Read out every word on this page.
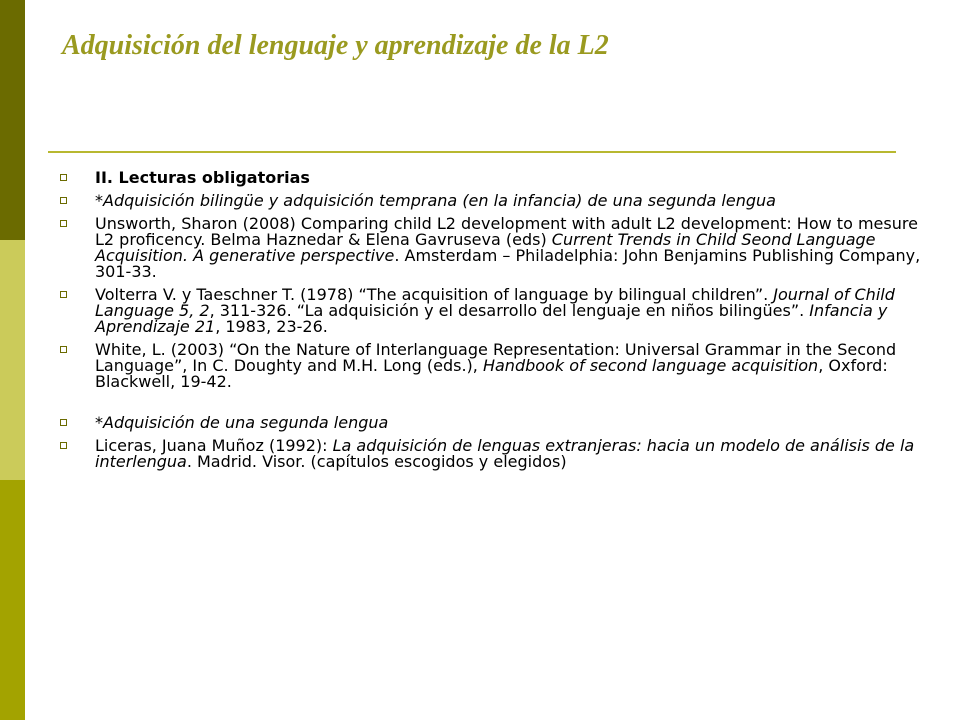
Adquisición del lenguaje y aprendizaje de la L2
II. Lecturas obligatorias
*Adquisición bilingüe y adquisición temprana (en la infancia) de una segunda lengua
Unsworth, Sharon (2008) Comparing child L2 development with adult L2 development: How to mesure L2 proficency. Belma Haznedar & Elena Gavruseva (eds) Current Trends in Child Seond Language Acquisition. A generative perspective. Amsterdam – Philadelphia: John Benjamins Publishing Company, 301-33.
Volterra V. y Taeschner T. (1978) “The acquisition of language by bilingual children”. Journal of Child Language 5, 2, 311-326. “La adquisición y el desarrollo del lenguaje en niños bilingües”. Infancia y Aprendizaje 21, 1983, 23-26.
White, L. (2003) “On the Nature of Interlanguage Representation: Universal Grammar in the Second Language”, In C. Doughty and M.H. Long (eds.), Handbook of second language acquisition, Oxford: Blackwell, 19-42.
*Adquisición de una segunda lengua
Liceras, Juana Muñoz (1992): La adquisición de lenguas extranjeras: hacia un modelo de análisis de la interlengua. Madrid. Visor. (capítulos escogidos y elegidos)
